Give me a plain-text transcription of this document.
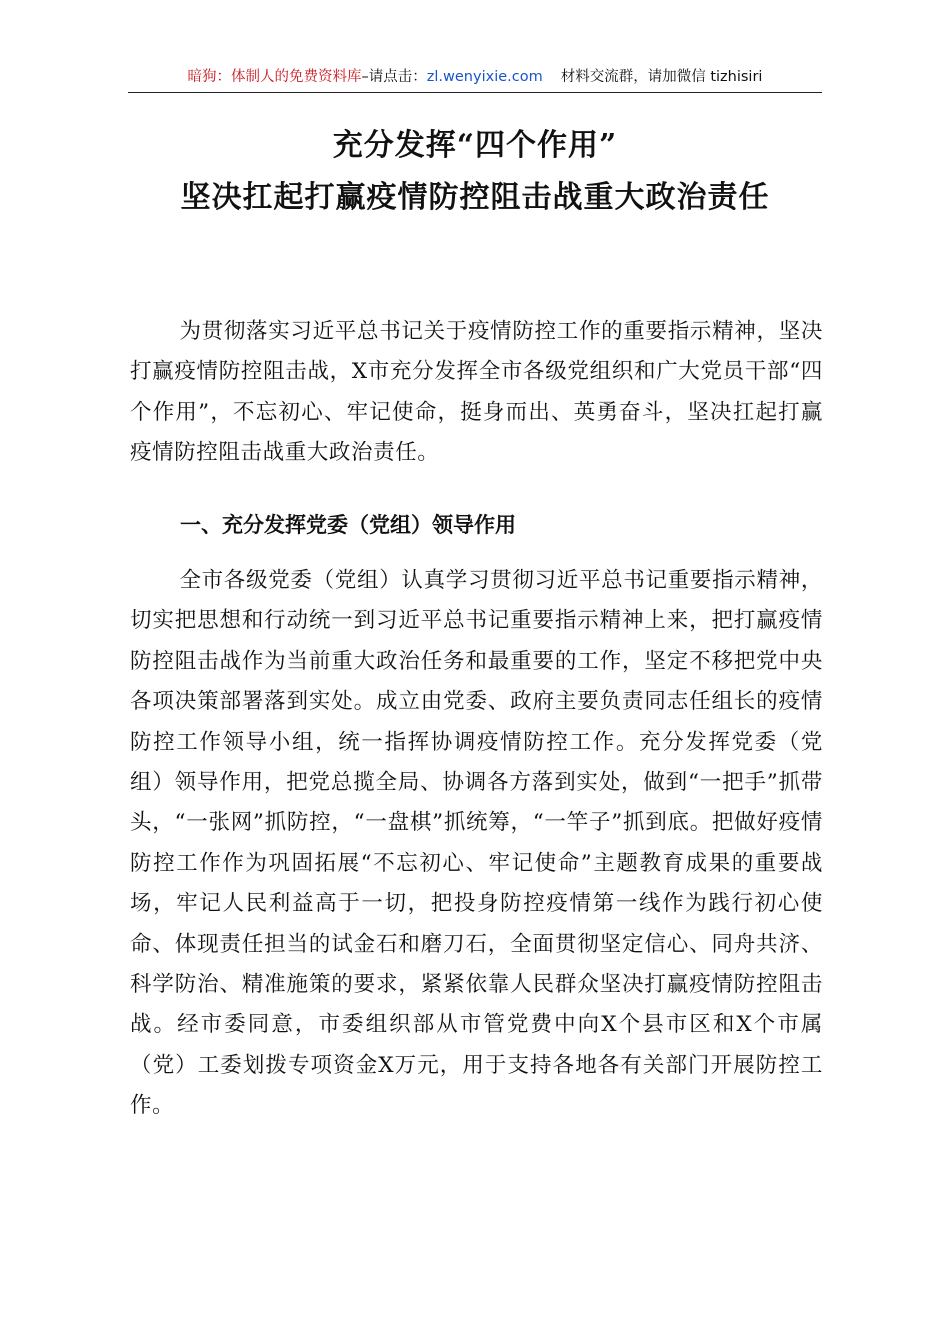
暗狗：体制人的免费资料库–请点击：zl.wenyixie.com 材料交流群，请加微信 tizhisiri
充分发挥“四个作用”
坚决扛起打赢疫情防控阻击战重大政治责任

为贯彻落实习近平总书记关于疫情防控工作的重要指示精神，坚决打赢疫情防控阻击战，X市充分发挥全市各级党组织和广大党员干部“四个作用”，不忘初心、牢记使命，挺身而出、英勇奋斗，坚决扛起打赢疫情防控阻击战重大政治责任。

一、充分发挥党委（党组）领导作用

全市各级党委（党组）认真学习贯彻习近平总书记重要指示精神，切实把思想和行动统一到习近平总书记重要指示精神上来，把打赢疫情防控阻击战作为当前重大政治任务和最重要的工作，坚定不移把党中央各项决策部署落到实处。成立由党委、政府主要负责同志任组长的疫情防控工作领导小组，统一指挥协调疫情防控工作。充分发挥党委（党组）领导作用，把党总揽全局、协调各方落到实处，做到“一把手”抓带头，“一张网”抓防控，“一盘棋”抓统筹，“一竿子”抓到底。把做好疫情防控工作作为巩固拓展“不忘初心、牢记使命”主题教育成果的重要战场，牢记人民利益高于一切，把投身防控疫情第一线作为践行初心使命、体现责任担当的试金石和磨刀石，全面贯彻坚定信心、同舟共济、科学防治、精准施策的要求，紧紧依靠人民群众坚决打赢疫情防控阻击战。经市委同意，市委组织部从市管党费中向X个县市区和X个市属（党）工委划拨专项资金X万元，用于支持各地各有关部门开展防控工作。
